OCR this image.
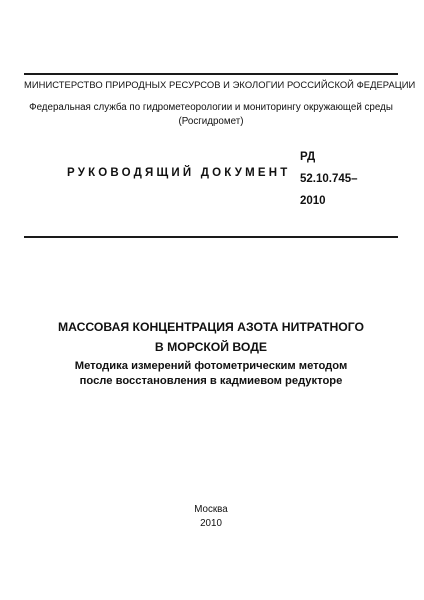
МИНИСТЕРСТВО ПРИРОДНЫХ РЕСУРСОВ И ЭКОЛОГИИ РОССИЙСКОЙ ФЕДЕРАЦИИ
Федеральная служба по гидрометеорологии и мониторингу окружающей среды
(Росгидромет)
РУКОВОДЯЩИЙ ДОКУМЕНТ
РД
52.10.745–
2010
МАССОВАЯ КОНЦЕНТРАЦИЯ АЗОТА НИТРАТНОГО
В МОРСКОЙ ВОДЕ
Методика измерений фотометрическим методом
после восстановления в кадмиевом редукторе
Москва
2010
